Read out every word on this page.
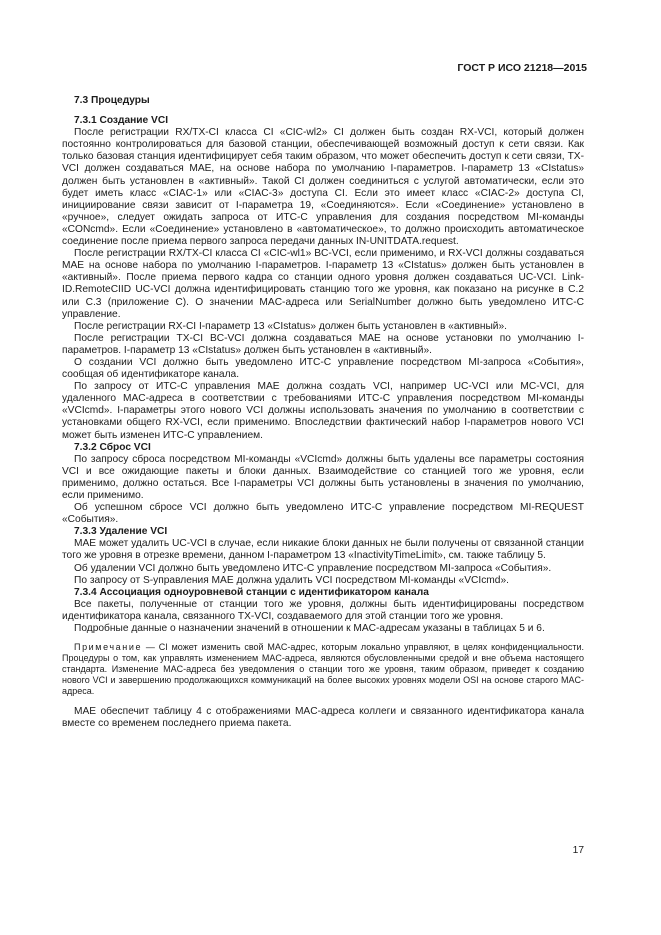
ГОСТ Р ИСО 21218—2015
7.3 Процедуры
7.3.1 Создание VCI

После регистрации RX/TX-CI класса CI «CIC-wl2» CI должен быть создан RX-VCI, который должен постоянно контролироваться для базовой станции, обеспечивающей возможный доступ к сети связи. Как только базовая станция идентифицирует себя таким образом, что может обеспечить доступ к сети связи, TX-VCI должен создаваться MAE, на основе набора по умолчанию I-параметров. I-параметр 13 «CIstatus» должен быть установлен в «активный». Такой CI должен соединиться с услугой автоматически, если это будет иметь класс «CIAC-1» или «CIAC-3» доступа CI. Если это имеет класс «CIAC-2» доступа CI, инициирование связи зависит от I-параметра 19, «Соединяются». Если «Соединение» установлено в «ручное», следует ожидать запроса от ИТС-С управления для создания посредством MI-команды «CONcmd». Если «Соединение» установлено в «автоматическое», то должно происходить автоматическое соединение после приема первого запроса передачи данных IN-UNITDATA.request.

После регистрации RX/TX-CI класса CI «CIC-wl1» BC-VCI, если применимо, и RX-VCI должны создаваться MAE на основе набора по умолчанию I-параметров. I-параметр 13 «CIstatus» должен быть установлен в «активный». После приема первого кадра со станции одного уровня должен создаваться UC-VCI. Link-ID.RemoteCIID UC-VCI должна идентифицировать станцию того же уровня, как показано на рисунке в С.2 или С.3 (приложение С). О значении MAC-адреса или SerialNumber должно быть уведомлено ИТС-С управление.

После регистрации RX-CI I-параметр 13 «CIstatus» должен быть установлен в «активный».

После регистрации TX-CI BC-VCI должна создаваться MAE на основе установки по умолчанию I-параметров. I-параметр 13 «CIstatus» должен быть установлен в «активный».

О создании VCI должно быть уведомлено ИТС-С управление посредством MI-запроса «События», сообщая об идентификаторе канала.

По запросу от ИТС-С управления MAE должна создать VCI, например UC-VCI или MC-VCI, для удаленного MAC-адреса в соответствии с требованиями ИТС-С управления посредством MI-команды «VCIcmd». I-параметры этого нового VCI должны использовать значения по умолчанию в соответствии с установками общего RX-VCI, если применимо. Впоследствии фактический набор I-параметров нового VCI может быть изменен ИТС-С управлением.

7.3.2 Сброс VCI

По запросу сброса посредством MI-команды «VCIcmd» должны быть удалены все параметры состояния VCI и все ожидающие пакеты и блоки данных. Взаимодействие со станцией того же уровня, если применимо, должно остаться. Все I-параметры VCI должны быть установлены в значения по умолчанию, если применимо.

Об успешном сбросе VCI должно быть уведомлено ИТС-С управление посредством MI-REQUEST «События».

7.3.3 Удаление VCI

MAE может удалить UC-VCI в случае, если никакие блоки данных не были получены от связанной станции того же уровня в отрезке времени, данном I-параметром 13 «InactivityTimeLimit», см. также таблицу 5.

Об удалении VCI должно быть уведомлено ИТС-С управление посредством MI-запроса «События».

По запросу от S-управления MAE должна удалить VCI посредством MI-команды «VCIcmd».

7.3.4 Ассоциация одноуровневой станции с идентификатором канала

Все пакеты, полученные от станции того же уровня, должны быть идентифицированы посредством идентификатора канала, связанного TX-VCI, создаваемого для этой станции того же уровня.

Подробные данные о назначении значений в отношении к MAC-адресам указаны в таблицах 5 и 6.

Примечание — CI может изменить свой MAC-адрес, которым локально управляют, в целях конфиденциальности. Процедуры о том, как управлять изменением MAC-адреса, являются обусловленными средой и вне объема настоящего стандарта. Изменение MAC-адреса без уведомления о станции того же уровня, таким образом, приведет к созданию нового VCI и завершению продолжающихся коммуникаций на более высоких уровнях модели OSI на основе старого MAC-адреса.

MAE обеспечит таблицу 4 с отображениями MAC-адреса коллеги и связанного идентификатора канала вместе со временем последнего приема пакета.

17
